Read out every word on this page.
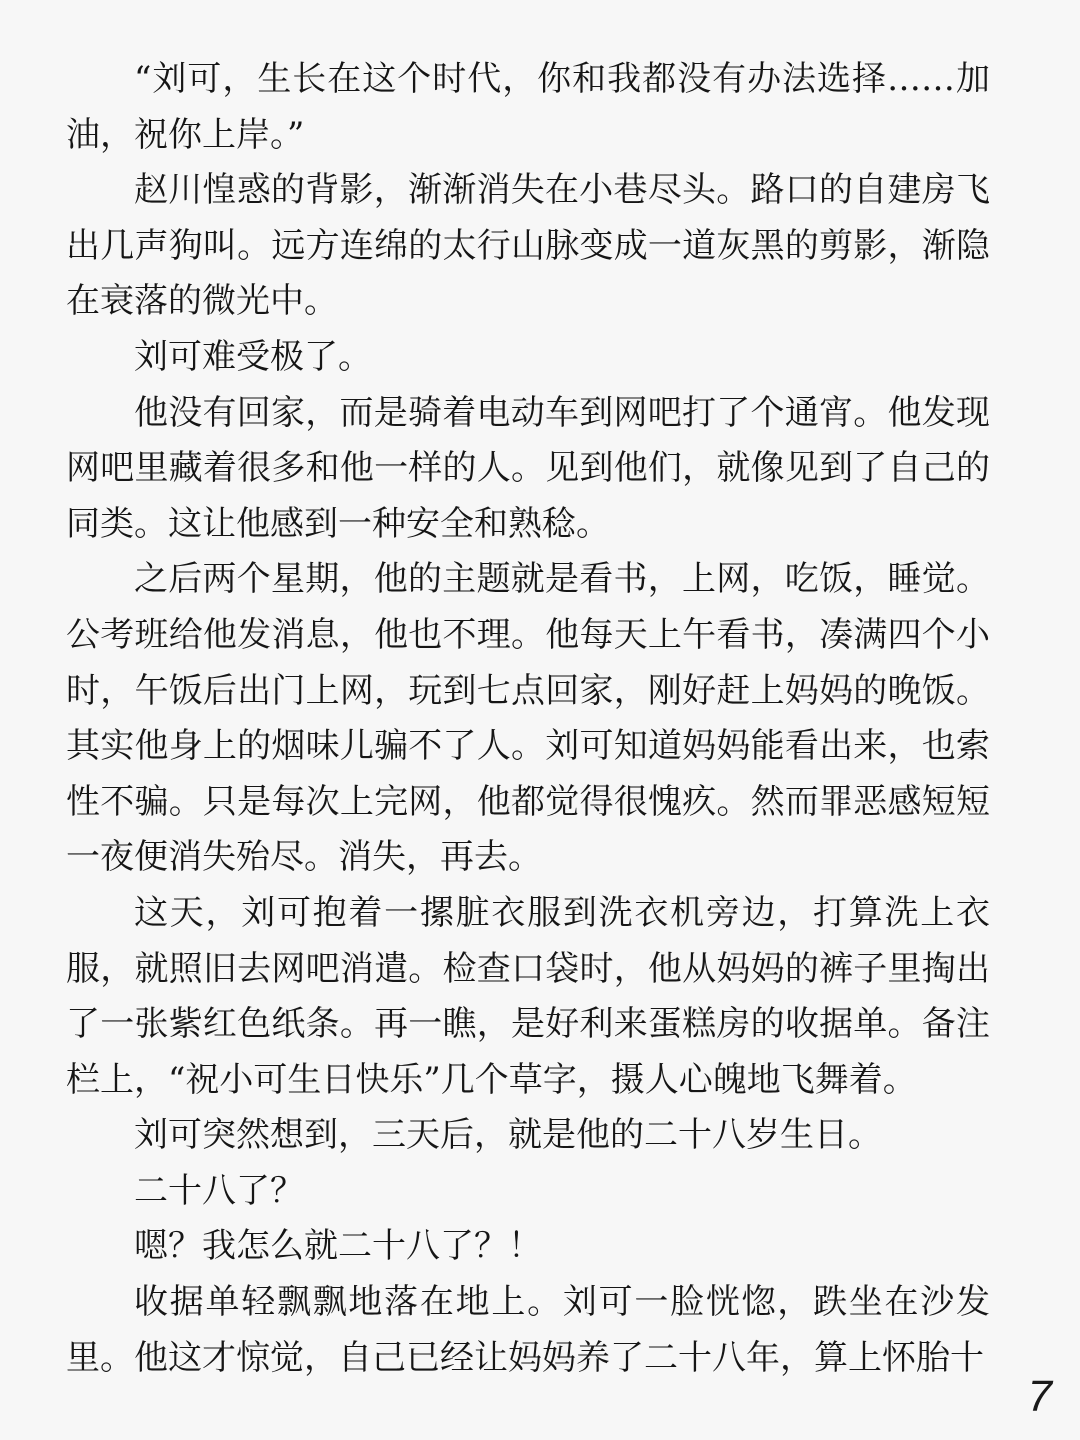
“刘可，生长在这个时代，你和我都没有办法选择……加油，祝你上岸。”

赵川惶惑的背影，渐渐消失在小巷尽头。路口的自建房飞出几声狗叫。远方连绵的太行山脉变成一道灰黑的剪影，渐隐在衰落的微光中。

刘可难受极了。

他没有回家，而是骑着电动车到网吧打了个通宵。他发现网吧里藏着很多和他一样的人。见到他们，就像见到了自己的同类。这让他感到一种安全和熟稔。

之后两个星期，他的主题就是看书，上网，吃饭，睡觉。公考班给他发消息，他也不理。他每天上午看书，凑满四个小时，午饭后出门上网，玩到七点回家，刚好赶上妈妈的晚饭。其实他身上的烟味儿骗不了人。刘可知道妈妈能看出来，也索性不骗。只是每次上完网，他都觉得很愧疚。然而罪恶感短短一夜便消失殆尽。消失，再去。

这天，刘可抱着一摞脏衣服到洗衣机旁边，打算洗上衣服，就照旧去网吧消遣。检查口袋时，他从妈妈的裤子里掏出了一张紫红色纸条。再一瞧，是好利来蛋糕房的收据单。备注栏上，“祝小可生日快乐”几个草字，摄人心魄地飞舞着。

刘可突然想到，三天后，就是他的二十八岁生日。

二十八了？

嗯？我怎么就二十八了？！

收据单轻飘飘地落在地上。刘可一脸恍惚，跌坐在沙发里。他这才惊觉，自己已经让妈妈养了二十八年，算上怀胎十

7
